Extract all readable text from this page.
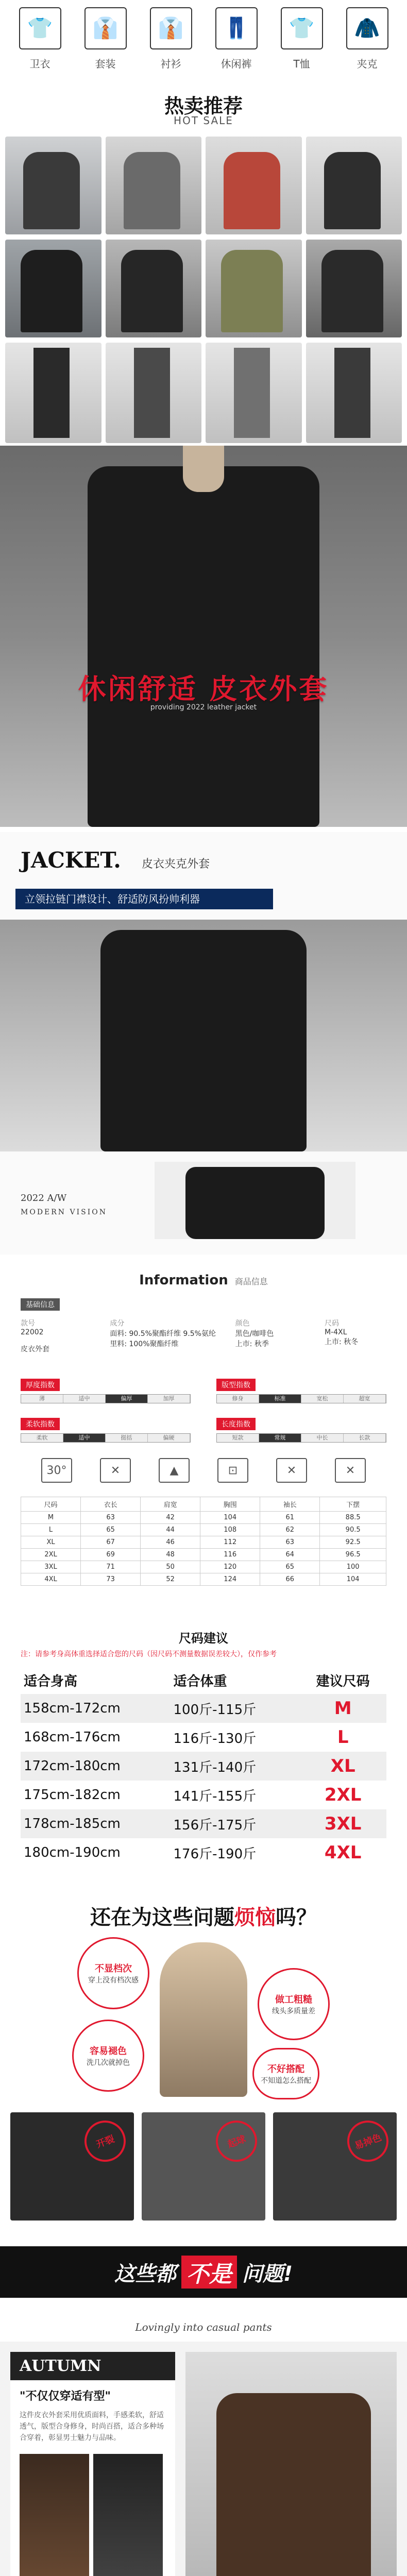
👕
卫衣
👔
套装
👔
衬衫
👖
休闲裤
👕
T恤
🧥
夹克
热卖推荐
HOT SALE
休闲舒适 皮衣外套
providing 2022 leather jacket
JACKET. 皮衣夹克外套
立领拉链门襟设计、舒适防风扮帅利器
2022 A/W
MODERN VISION
Information 商品信息
基础信息
款号
22002
皮衣外套
成分
面料: 90.5%聚酯纤维 9.5%氨纶
里料: 100%聚酯纤维
颜色
黑色/咖啡色
上市: 秋季
尺码
M-4XL
上市: 秋冬
厚度指数
薄	适中	偏厚	加厚
版型指数
修身	标准	宽松	超宽
柔软指数
柔软	适中	挺括	偏硬
长度指数
短款	常规	中长	长款
30°	✕	▲	⊡	✕	✕
尺码	衣长	肩宽	胸围	袖长	下摆
M	63	42	104	61	88.5
L	65	44	108	62	90.5
XL	67	46	112	63	92.5
2XL	69	48	116	64	96.5
3XL	71	50	120	65	100
4XL	73	52	124	66	104
尺码建议
注：请参考身高体重选择适合您的尺码（因尺码不测量数据误差较大），仅作参考
适合身高	适合体重	建议尺码
158cm-172cm	100斤-115斤	M
168cm-176cm	116斤-130斤	L
172cm-180cm	131斤-140斤	XL
175cm-182cm	141斤-155斤	2XL
178cm-185cm	156斤-175斤	3XL
180cm-190cm	176斤-190斤	4XL
还在为这些问题烦恼吗？
不显档次
穿上没有档次感
做工粗糙
线头多质量差
容易褪色
洗几次就掉色
不好搭配
不知道怎么搭配
开裂	起球	易掉色
这些都 不是 问题!
Lovingly into casual pants
AUTUMN
"不仅仅穿适有型"
这件皮衣外套采用优质面料，手感柔软，舒适透气，版型合身修身，时尚百搭，适合多种场合穿着，彰显男士魅力与品味。
